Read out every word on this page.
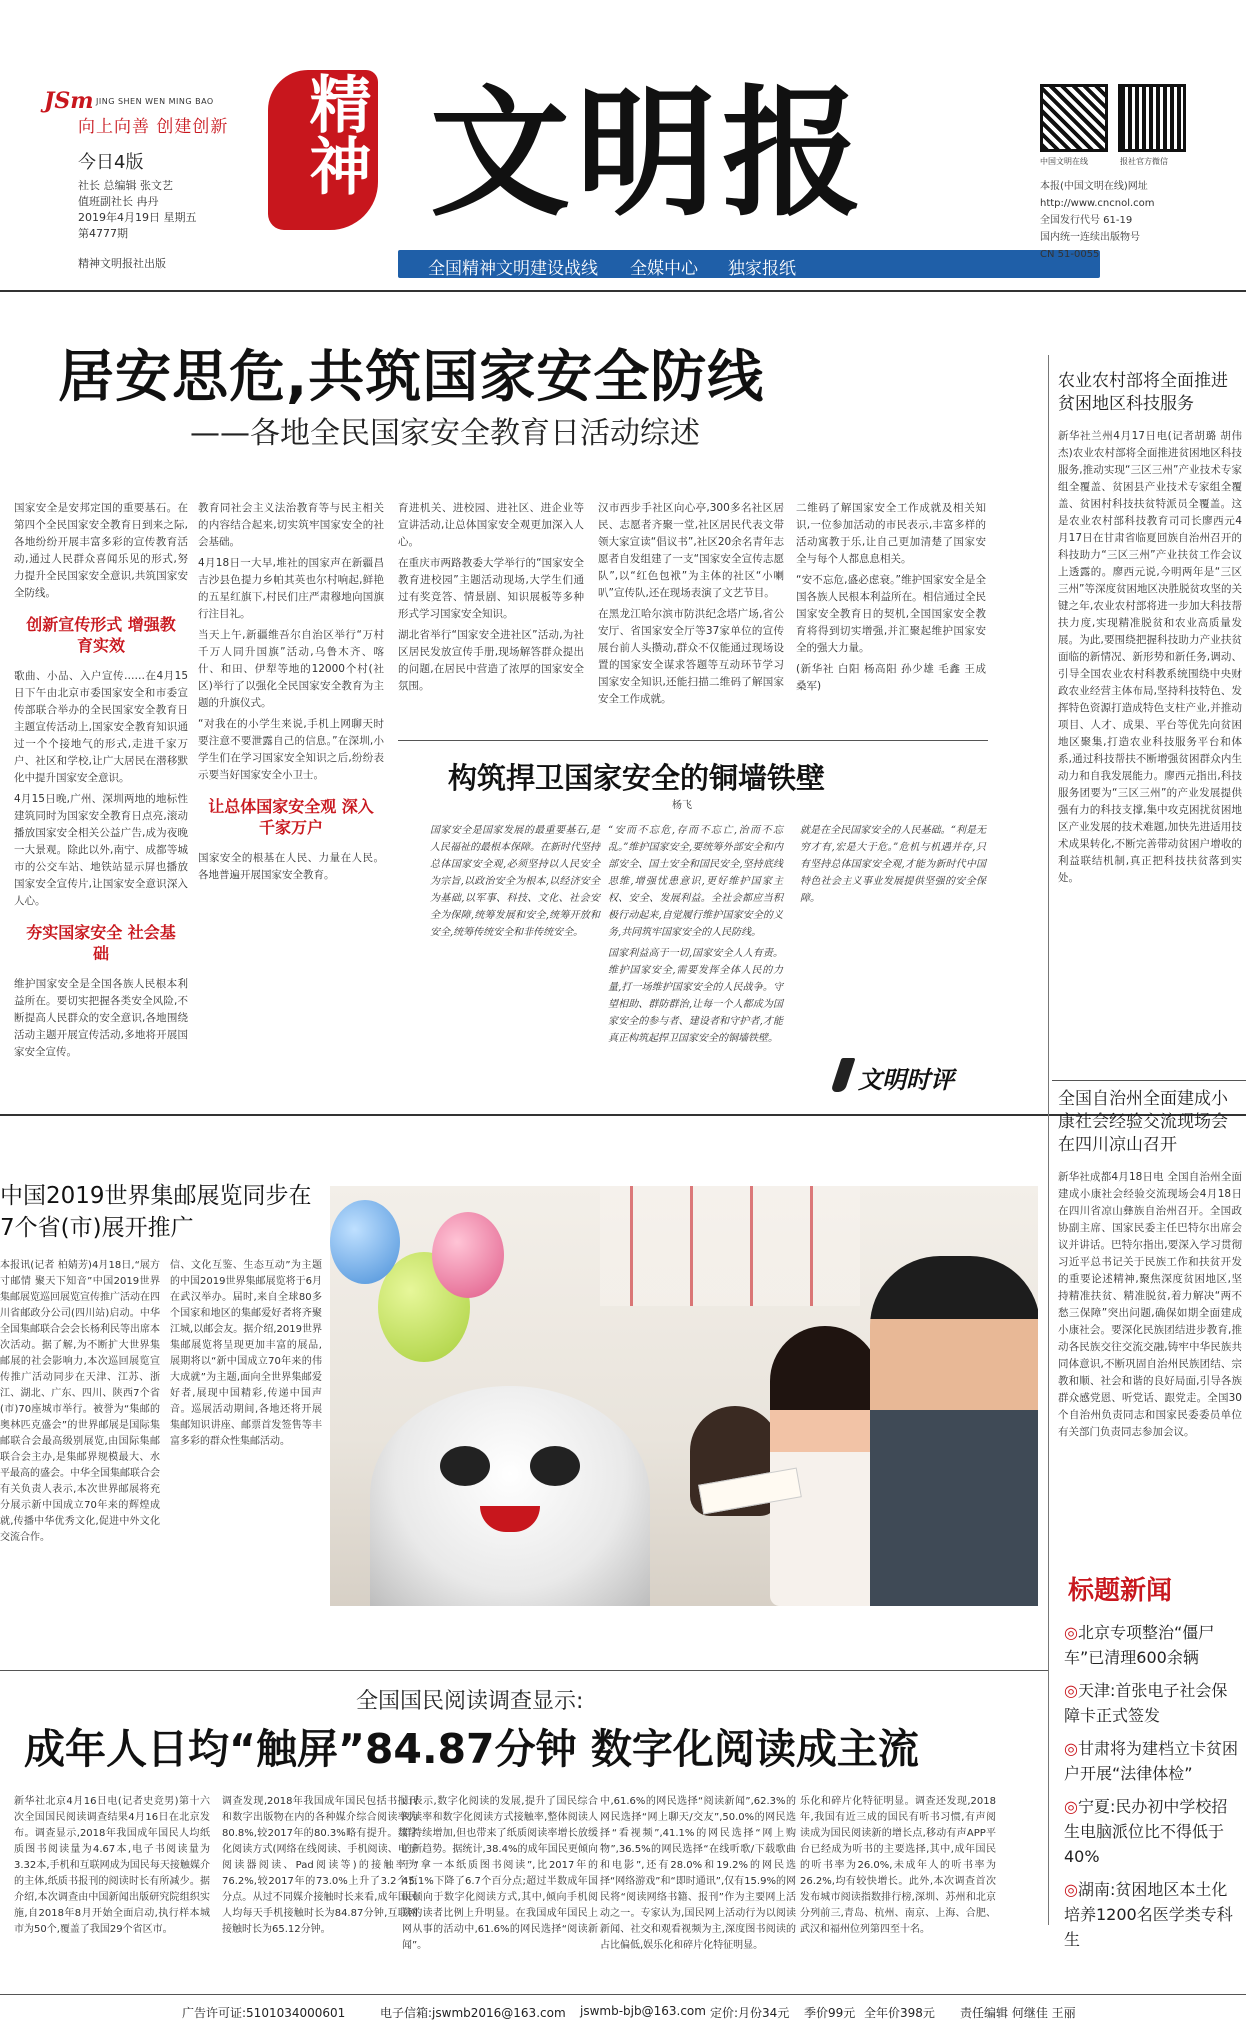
JSm JING SHEN WEN MING BAO
向上向善 创建创新
今日4版
社长 总编辑 张文艺
值班副社长 冉丹
2019年4月19日 星期五
第4777期
精神文明报社出版
精神 文明报
全国精神文明建设战线 全媒中心 独家报纸
中国文明在线	报社官方微信
本报(中国文明在线)网址
http://www.cncnol.com
全国发行代号 61-19
国内统一连续出版物号
CN 51-0055
居安思危,共筑国家安全防线
——各地全民国家安全教育日活动综述

国家安全是安邦定国的重要基石。在第四个全民国家安全教育日到来之际,各地纷纷开展丰富多彩的宣传教育活动,通过人民群众喜闻乐见的形式,努力提升全民国家安全意识,共筑国家安全防线。

创新宣传形式 增强教育实效

歌曲、小品、入户宣传……在4月15日下午由北京市委国家安全和市委宣传部联合举办的全民国家安全教育日主题宣传活动上,国家安全教育知识通过一个个接地气的形式,走进千家万户、社区和学校,让广大居民在潜移默化中提升国家安全意识。

4月15日晚,广州、深圳两地的地标性建筑同时为国家安全教育日点亮,滚动播放国家安全相关公益广告,成为夜晚一大景观。除此以外,南宁、成都等城市的公交车站、地铁站显示屏也播放国家安全宣传片,让国家安全意识深入人心。

夯实国家安全 社会基础

维护国家安全是全国各族人民根本利益所在。要切实把握各类安全风险,不断提高人民群众的安全意识,各地围绕活动主题开展宣传活动,多地将开展国家安全宣传。

教育同社会主义法治教育等与民主相关的内容结合起来,切实筑牢国家安全的社会基础。

4月18日一大早,堆社的国家声在新疆昌吉沙县色提力乡帕其英也尔村响起,鲜艳的五星红旗下,村民们庄严肃穆地向国旗行注目礼。

当天上午,新疆维吾尔自治区举行“万村千万人同升国旗”活动,乌鲁木齐、喀什、和田、伊犁等地的12000个村(社区)举行了以强化全民国家安全教育为主题的升旗仪式。

“对我在的小学生来说,手机上网聊天时要注意不要泄露自己的信息。”在深圳,小学生们在学习国家安全知识之后,纷纷表示要当好国家安全小卫士。

让总体国家安全观 深入千家万户

国家安全的根基在人民、力量在人民。各地普遍开展国家安全教育。

育进机关、进校园、进社区、进企业等宣讲活动,让总体国家安全观更加深入人心。

在重庆市两路教委大学举行的“国家安全教育进校园”主题活动现场,大学生们通过有奖竞答、情景剧、知识展板等多种形式学习国家安全知识。

湖北省举行“国家安全进社区”活动,为社区居民发放宣传手册,现场解答群众提出的问题,在居民中营造了浓厚的国家安全氛围。

汉市西步手社区向心亭,300多名社区居民、志愿者齐聚一堂,社区居民代表文带领大家宣读“倡议书”,社区20余名青年志愿者自发组建了一支“国家安全宣传志愿队”,以“红色包袱”为主体的社区“小喇叭”宣传队,还在现场表演了文艺节目。

在黑龙江哈尔滨市防洪纪念塔广场,省公安厅、省国家安全厅等37家单位的宣传展台前人头攒动,群众不仅能通过现场设置的国家安全谋求答题等互动环节学习国家安全知识,还能扫描二维码了解国家安全工作成就。

二维码了解国家安全工作成就及相关知识,一位参加活动的市民表示,丰富多样的活动寓教于乐,让自己更加清楚了国家安全与每个人都息息相关。

“安不忘危,盛必虑衰。”维护国家安全是全国各族人民根本利益所在。相信通过全民国家安全教育日的契机,全国国家安全教育将得到切实增强,并汇聚起维护国家安全的强大力量。

(新华社 白阳 杨高阳 孙少雄 毛鑫 王成 桑军)

构筑捍卫国家安全的铜墙铁壁
杨飞
国家安全是国家发展的最重要基石,是人民福祉的最根本保障。在新时代坚持总体国家安全观,必须坚持以人民安全为宗旨,以政治安全为根本,以经济安全为基础,以军事、科技、文化、社会安全为保障,统筹发展和安全,统筹开放和安全,统筹传统安全和非传统安全。
“安而不忘危,存而不忘亡,治而不忘乱。”维护国家安全,要统筹外部安全和内部安全、国土安全和国民安全,坚持底线思维,增强忧患意识,更好维护国家主权、安全、发展利益。全社会都应当积极行动起来,自觉履行维护国家安全的义务,共同筑牢国家安全的人民防线。
国家利益高于一切,国家安全人人有责。维护国家安全,需要发挥全体人民的力量,打一场维护国家安全的人民战争。守望相助、群防群治,让每一个人都成为国家安全的参与者、建设者和守护者,才能真正构筑起捍卫国家安全的铜墙铁壁。
就是在全民国家安全的人民基础。“利是无穷才有,宏是大于危。”危机与机遇并存,只有坚持总体国家安全观,才能为新时代中国特色社会主义事业发展提供坚强的安全保障。
文明时评
农业农村部将全面推进贫困地区科技服务

新华社兰州4月17日电(记者胡璐 胡伟杰)农业农村部将全面推进贫困地区科技服务,推动实现“三区三州”产业技术专家组全覆盖、贫困县产业技术专家组全覆盖、贫困村科技扶贫特派员全覆盖。这是农业农村部科技教育司司长廖西元4月17日在甘肃省临夏回族自治州召开的科技助力“三区三州”产业扶贫工作会议上透露的。廖西元说,今明两年是“三区三州”等深度贫困地区决胜脱贫攻坚的关键之年,农业农村部将进一步加大科技帮扶力度,实现精准脱贫和农业高质量发展。为此,要围绕把握科技助力产业扶贫面临的新情况、新形势和新任务,调动、引导全国农业农村科教系统围绕中央财政农业经营主体布局,坚持科技特色、发挥特色资源打造成特色支柱产业,并推动项目、人才、成果、平台等优先向贫困地区聚集,打造农业科技服务平台和体系,通过科技帮扶不断增强贫困群众内生动力和自我发展能力。廖西元指出,科技服务团要为“三区三州”的产业发展提供强有力的科技支撑,集中攻克困扰贫困地区产业发展的技术难题,加快先进适用技术成果转化,不断完善带动贫困户增收的利益联结机制,真正把科技扶贫落到实处。

全国自治州全面建成小康社会经验交流现场会在四川凉山召开

新华社成都4月18日电 全国自治州全面建成小康社会经验交流现场会4月18日在四川省凉山彝族自治州召开。全国政协副主席、国家民委主任巴特尔出席会议并讲话。巴特尔指出,要深入学习贯彻习近平总书记关于民族工作和扶贫开发的重要论述精神,聚焦深度贫困地区,坚持精准扶贫、精准脱贫,着力解决“两不愁三保障”突出问题,确保如期全面建成小康社会。要深化民族团结进步教育,推动各民族交往交流交融,铸牢中华民族共同体意识,不断巩固自治州民族团结、宗教和顺、社会和谐的良好局面,引导各族群众感党恩、听党话、跟党走。全国30个自治州负责同志和国家民委委员单位有关部门负责同志参加会议。

标题新闻
◎北京专项整治“僵尸车”已清理600余辆
◎天津:首张电子社会保障卡正式签发
◎甘肃将为建档立卡贫困户开展“法律体检”
◎宁夏:民办初中学校招生电脑派位比不得低于40%
◎湖南:贫困地区本土化培养1200名医学类专科生
中国2019世界集邮展览同步在7个省(市)展开推广
本报讯(记者 柏婧芳)4月18日,“展方寸邮情 聚天下知音”中国2019世界集邮展览巡回展览宣传推广活动在四川省邮政分公司(四川站)启动。中华全国集邮联合会会长杨利民等出席本次活动。据了解,为不断扩大世界集邮展的社会影响力,本次巡回展览宣传推广活动同步在天津、江苏、浙江、湖北、广东、四川、陕西7个省(市)70座城市举行。被誉为“集邮的奥林匹克盛会”的世界邮展是国际集邮联合会最高级别展览,由国际集邮联合会主办,是集邮界规模最大、水平最高的盛会。中华全国集邮联合会有关负责人表示,本次世界邮展将充分展示新中国成立70年来的辉煌成就,传播中华优秀文化,促进中外文化交流合作。
信、文化互鉴、生态互动”为主题的中国2019世界集邮展览将于6月在武汉举办。届时,来自全球80多个国家和地区的集邮爱好者将齐聚江城,以邮会友。据介绍,2019世界集邮展览将呈现更加丰富的展品,展期将以“新中国成立70年来的伟大成就”为主题,面向全世界集邮爱好者,展现中国精彩,传递中国声音。巡展活动期间,各地还将开展集邮知识讲座、邮票首发签售等丰富多彩的群众性集邮活动。
全国国民阅读调查显示:
成年人日均“触屏”84.87分钟 数字化阅读成主流
新华社北京4月16日电(记者史竞男)第十六次全国国民阅读调查结果4月16日在北京发布。调查显示,2018年我国成年国民人均纸质图书阅读量为4.67本,电子书阅读量为3.32本,手机和互联网成为国民每天接触媒介的主体,纸质书报刊的阅读时长有所减少。据介绍,本次调查由中国新闻出版研究院组织实施,自2018年8月开始全面启动,执行样本城市为50个,覆盖了我国29个省区市。
调查发现,2018年我国成年国民包括书报刊和数字出版物在内的各种媒介综合阅读率为80.8%,较2017年的80.3%略有提升。数字化阅读方式(网络在线阅读、手机阅读、电子阅读器阅读、Pad阅读等)的接触率为76.2%,较2017年的73.0%上升了3.2个百分点。从过不同媒介接触时长来看,成年国民人均每天手机接触时长为84.87分钟,互联网接触时长为65.12分钟。
山表示,数字化阅读的发展,提升了国民综合阅读率和数字化阅读方式接触率,整体阅读人群持续增加,但也带来了纸质阅读率增长放缓的新趋势。据统计,38.4%的成年国民更倾向于“拿一本纸质图书阅读”,比2017年的45.1%下降了6.7个百分点;超过半数成年国民倾向于数字化阅读方式,其中,倾向手机阅读的读者比例上升明显。在我国成年国民上网从事的活动中,61.6%的网民选择“阅读新闻”。
中,61.6%的网民选择“阅读新闻”,62.3%的网民选择“网上聊天/交友”,50.0%的网民选择“看视频”,41.1%的网民选择“网上购物”,36.5%的网民选择“在线听歌/下载歌曲和电影”,还有28.0%和19.2%的网民选择“网络游戏”和“即时通讯”,仅有15.9%的网民将“阅读网络书籍、报刊”作为主要网上活动之一。专家认为,国民网上活动行为以阅读新闻、社交和观看视频为主,深度图书阅读的占比偏低,娱乐化和碎片化特征明显。
乐化和碎片化特征明显。调查还发现,2018年,我国有近三成的国民有听书习惯,有声阅读成为国民阅读新的增长点,移动有声APP平台已经成为听书的主要选择,其中,成年国民的听书率为26.0%,未成年人的听书率为26.2%,均有较快增长。此外,本次调查首次发布城市阅读指数排行榜,深圳、苏州和北京分列前三,青岛、杭州、南京、上海、合肥、武汉和福州位列第四至十名。
广告许可证:5101034000601	电子信箱:jswmb2016@163.com jswmb-bjb@163.com 定价:月份34元 季价99元 全年价398元 责任编辑 何继佳 王丽
